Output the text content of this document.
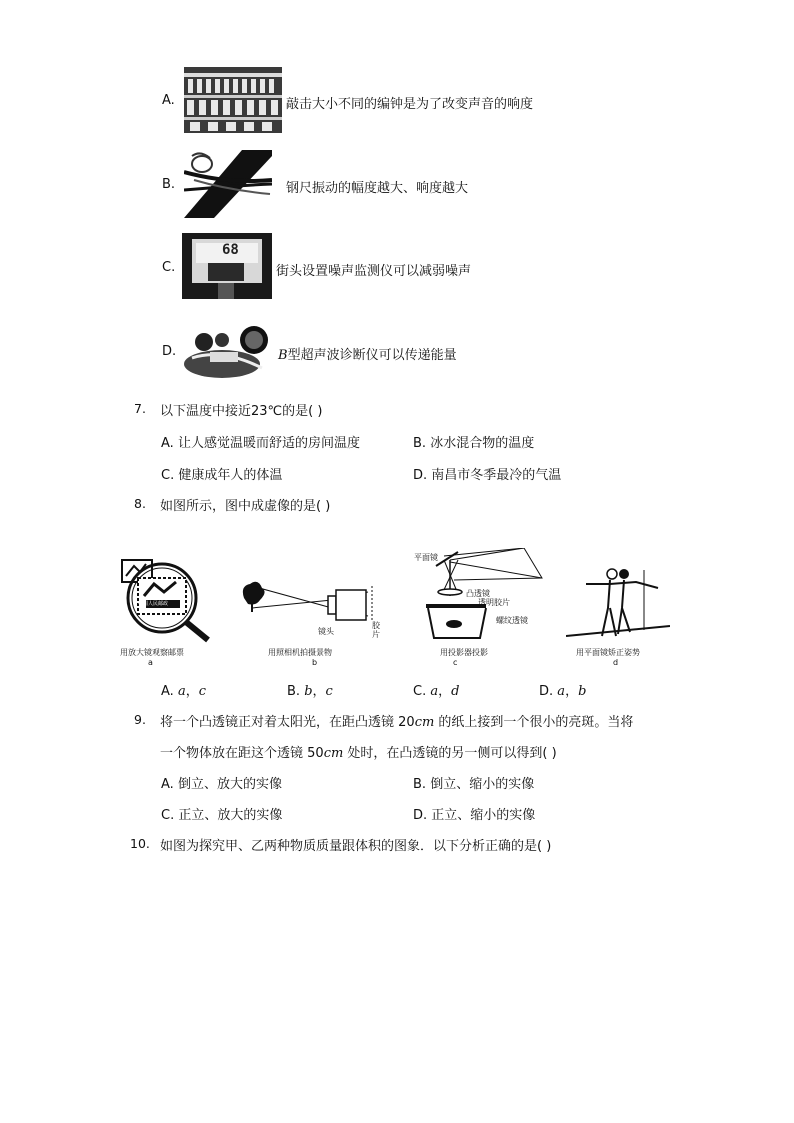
A.	敲击大小不同的编钟是为了改变声音的响度
B.	钢尺振动的幅度越大、响度越大
C.
68
街头设置噪声监测仪可以减弱噪声
D.	B型超声波诊断仪可以传递能量
7. 以下温度中接近23℃的是( )
A. 让人感觉温暖而舒适的房间温度	B. 冰水混合物的温度
C. 健康成年人的体温	D. 南昌市冬季最冷的气温
8. 如图所示，图中成虚像的是( )
中国人民邮政
用放大镜观察邮票
a
镜头
胶片
用照相机拍摄景物
b
平面镜
凸透镜
透明胶片
螺纹透镜
用投影器投影
c
用平面镜矫正姿势
d
A. a，c	B. b，c	C. a，d	D. a，b
9. 将一个凸透镜正对着太阳光，在距凸透镜 20cm 的纸上接到一个很小的亮斑。当将
一个物体放在距这个透镜 50cm 处时，在凸透镜的另一侧可以得到( )
A. 倒立、放大的实像	B. 倒立、缩小的实像
C. 正立、放大的实像	D. 正立、缩小的实像
10. 如图为探究甲、乙两种物质质量跟体积的图象．以下分析正确的是( )
